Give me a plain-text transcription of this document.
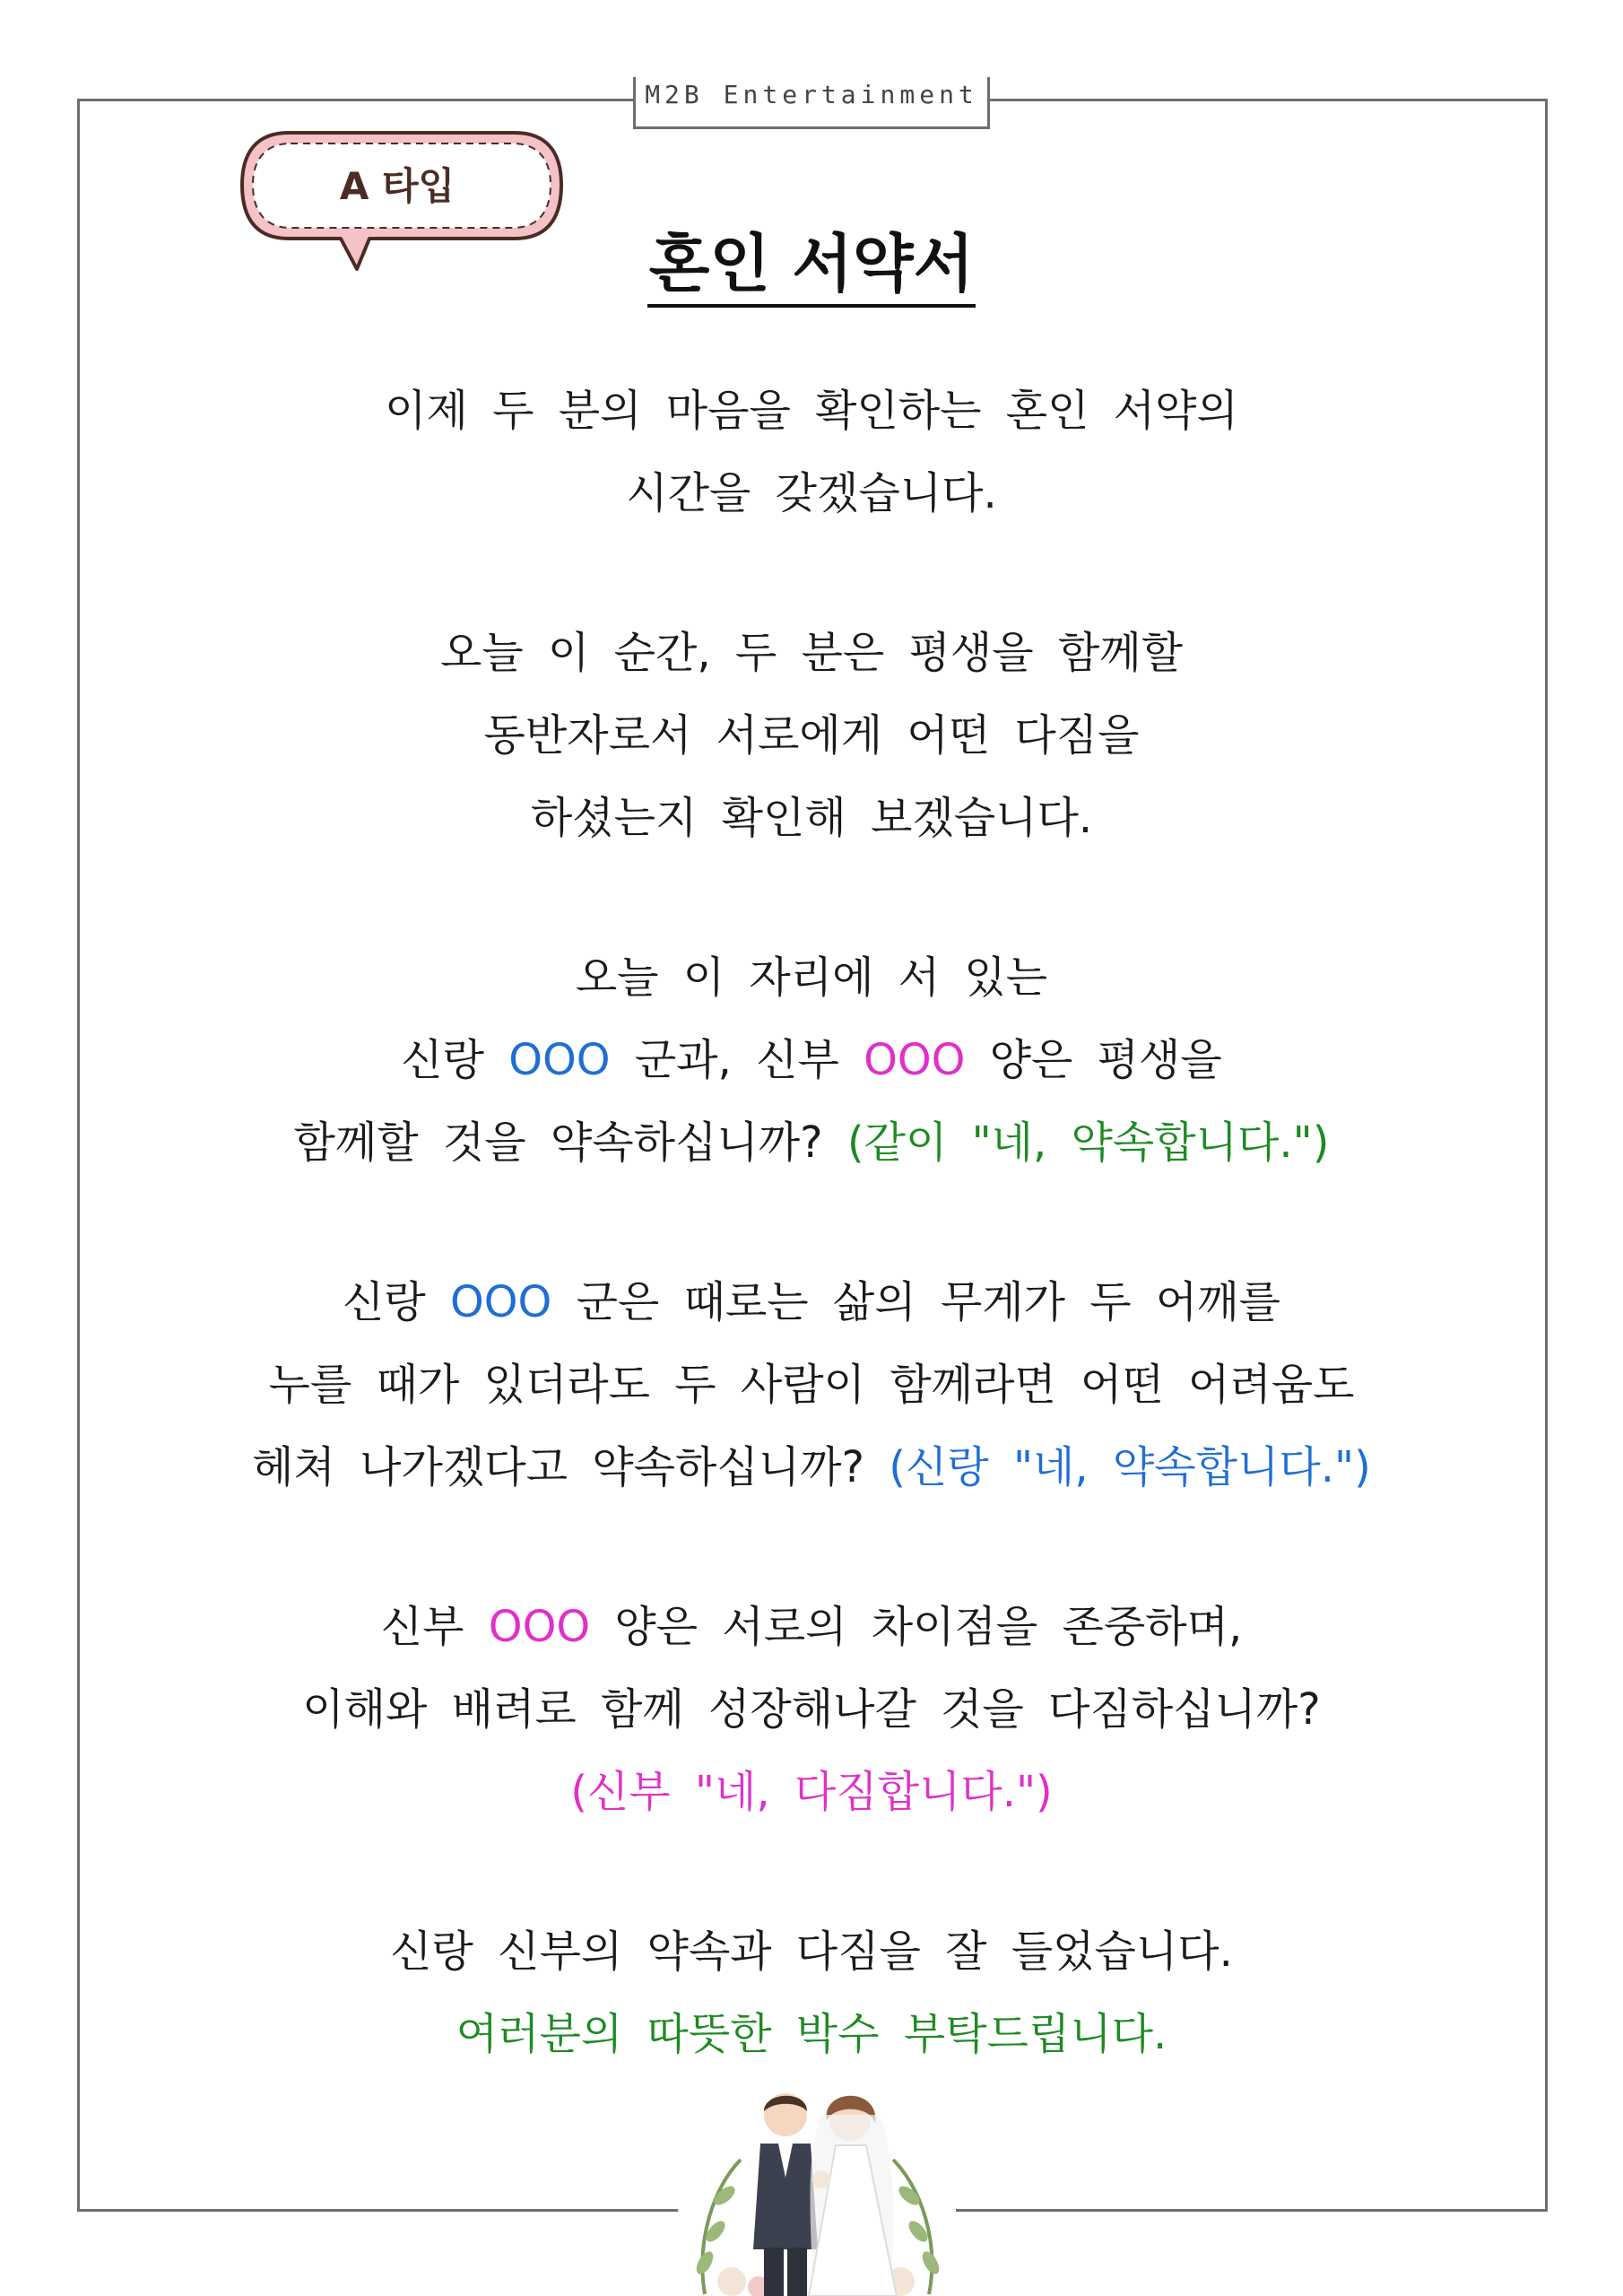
M2B Entertainment
A 타입
혼인 서약서
이제 두 분의 마음을 확인하는 혼인 서약의
시간을 갖겠습니다.
오늘 이 순간, 두 분은 평생을 함께할
동반자로서 서로에게 어떤 다짐을
하셨는지 확인해 보겠습니다.
오늘 이 자리에 서 있는
신랑 OOO 군과, 신부 OOO 양은 평생을
함께할 것을 약속하십니까? (같이 "네, 약속합니다.")
신랑 OOO 군은 때로는 삶의 무게가 두 어깨를
누를 때가 있더라도 두 사람이 함께라면 어떤 어려움도
헤쳐 나가겠다고 약속하십니까? (신랑 "네, 약속합니다.")
신부 OOO 양은 서로의 차이점을 존중하며,
이해와 배려로 함께 성장해나갈 것을 다짐하십니까?
(신부 "네, 다짐합니다.")
신랑 신부의 약속과 다짐을 잘 들었습니다.
여러분의 따뜻한 박수 부탁드립니다.
